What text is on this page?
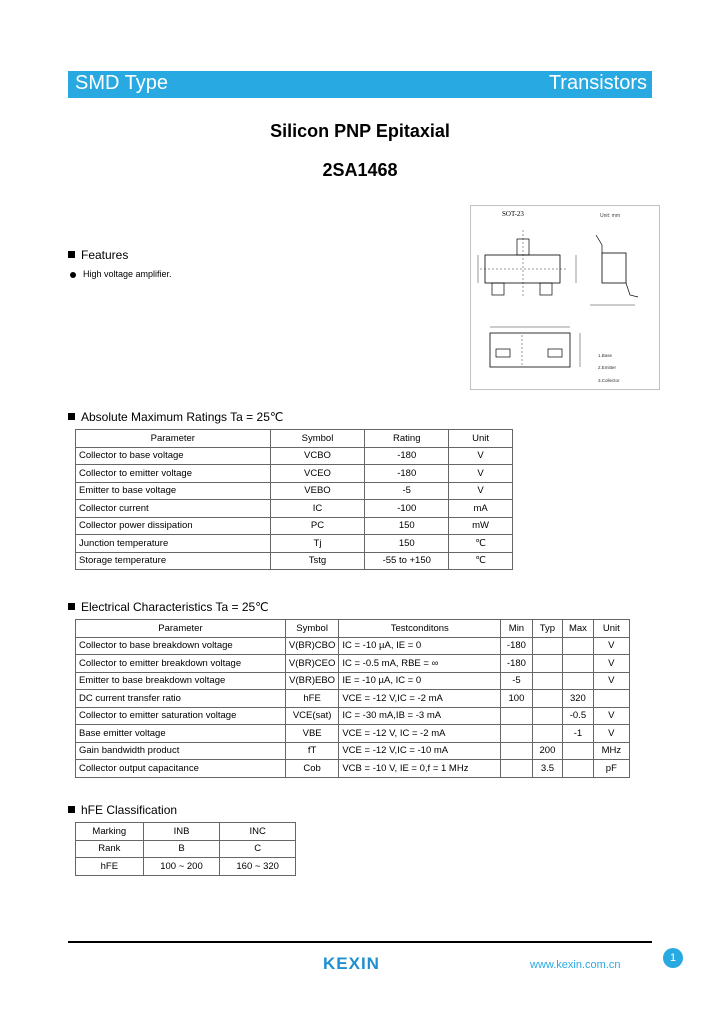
SMD Type	Transistors
Silicon PNP Epitaxial
2SA1468
Features
High voltage amplifier.
SOT-23	Unit: mm
1.Base
2.Emitter
3.Collector
Absolute Maximum Ratings Ta = 25℃
Parameter	Symbol	Rating	Unit
Collector to base voltage	VCBO	-180	V
Collector to emitter voltage	VCEO	-180	V
Emitter to base voltage	VEBO	-5	V
Collector current	IC	-100	mA
Collector power dissipation	PC	150	mW
Junction temperature	Tj	150	℃
Storage temperature	Tstg	-55 to +150	℃
Electrical Characteristics Ta = 25℃
Parameter	Symbol	Testconditons	Min	Typ	Max	Unit
Collector to base breakdown voltage	V(BR)CBO	IC = -10 µA, IE = 0	-180			V
Collector to emitter breakdown voltage	V(BR)CEO	IC = -0.5 mA, RBE = ∞	-180			V
Emitter to base breakdown voltage	V(BR)EBO	IE = -10 µA, IC = 0	-5			V
DC current transfer ratio	hFE	VCE = -12 V,IC = -2 mA	100		320	
Collector to emitter saturation voltage	VCE(sat)	IC = -30 mA,IB = -3 mA			-0.5	V
Base emitter voltage	VBE	VCE = -12 V, IC = -2 mA			-1	V
Gain bandwidth product	fT	VCE = -12 V,IC = -10 mA		200		MHz
Collector output capacitance	Cob	VCB = -10 V, IE = 0,f = 1 MHz		3.5		pF
hFE Classification
Marking	INB	INC
Rank	B	C
hFE	100 ~ 200	160 ~ 320
KEXIN	www.kexin.com.cn
1
